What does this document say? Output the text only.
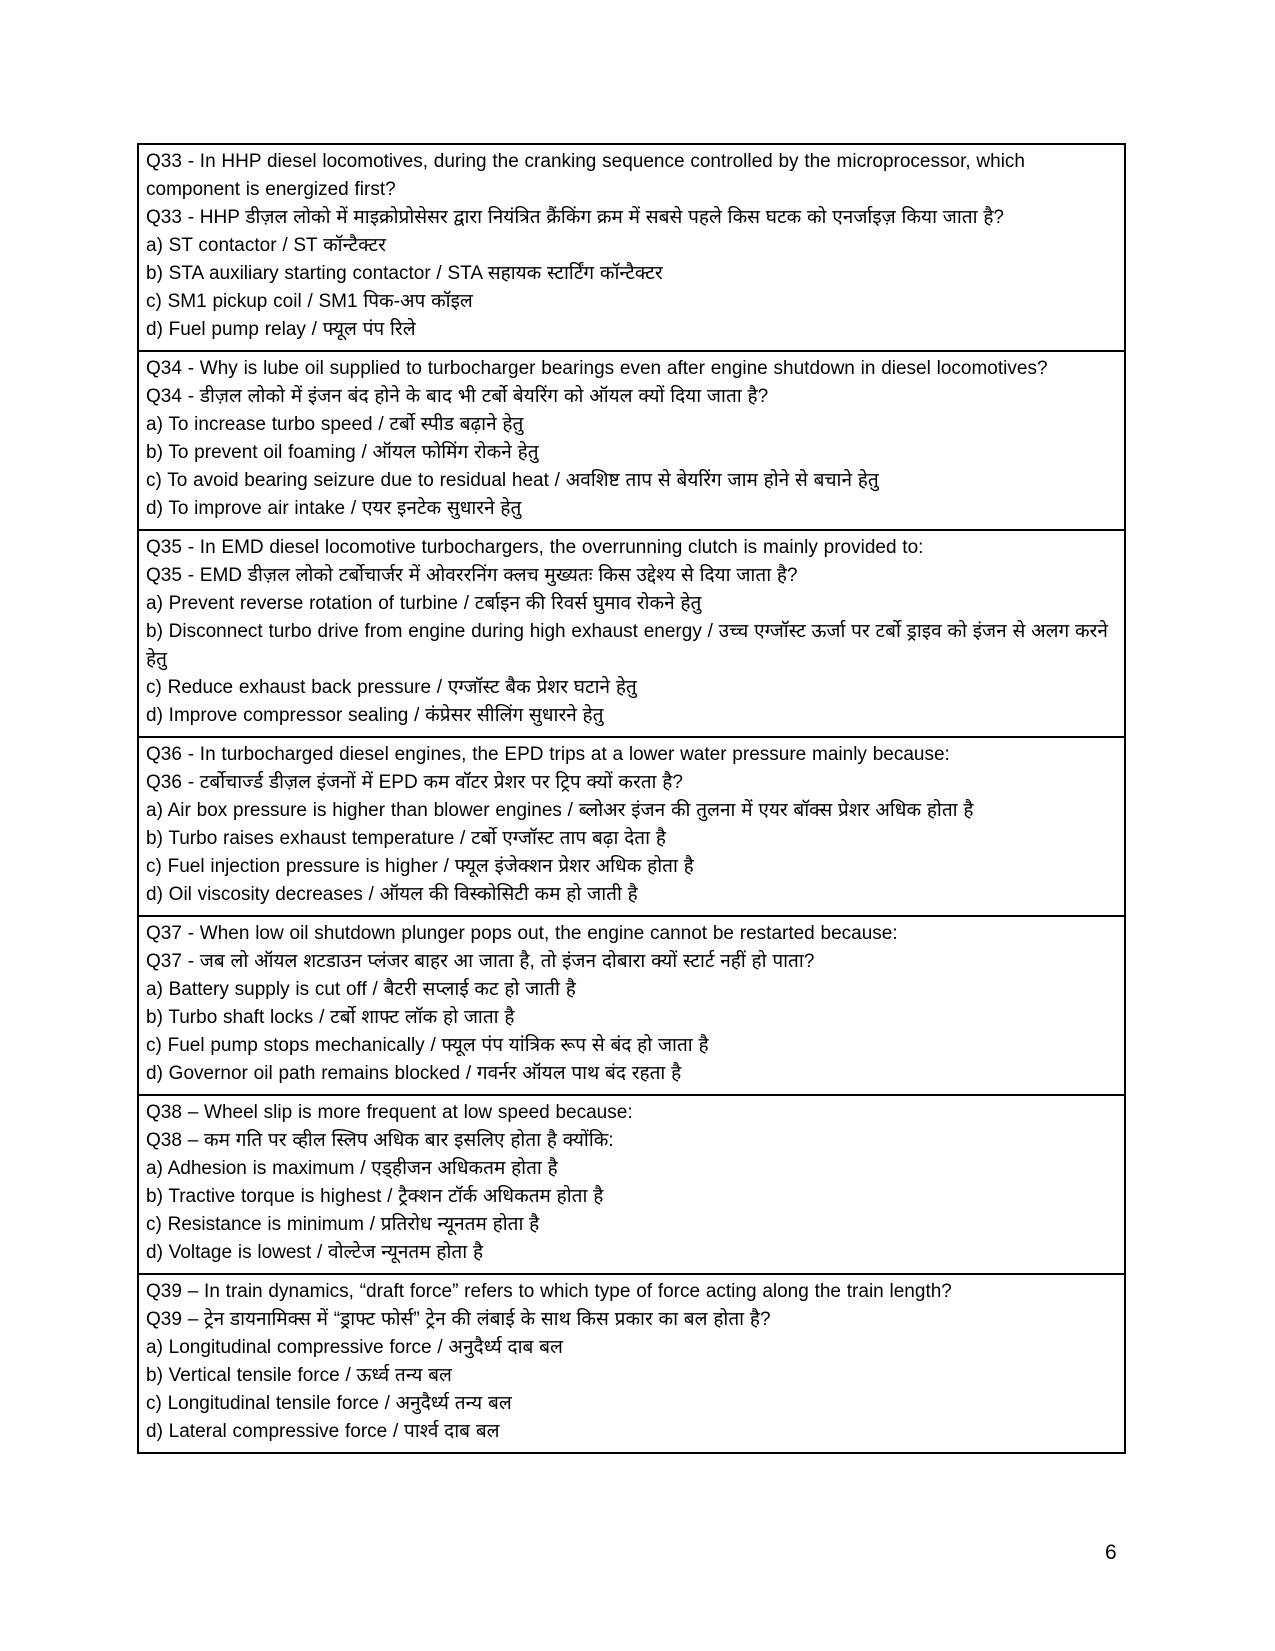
Q33 - In HHP diesel locomotives, during the cranking sequence controlled by the microprocessor, which component is energized first?

Q33 - HHP डीज़ल लोको में माइक्रोप्रोसेसर द्वारा नियंत्रित क्रैंकिंग क्रम में सबसे पहले किस घटक को एनर्जाइज़ किया जाता है?

a) ST contactor / ST कॉन्टैक्टर

b) STA auxiliary starting contactor / STA सहायक स्टार्टिंग कॉन्टैक्टर

c) SM1 pickup coil / SM1 पिक-अप कॉइल

d) Fuel pump relay / फ्यूल पंप रिले

Q34 - Why is lube oil supplied to turbocharger bearings even after engine shutdown in diesel locomotives?

Q34 - डीज़ल लोको में इंजन बंद होने के बाद भी टर्बो बेयरिंग को ऑयल क्यों दिया जाता है?

a) To increase turbo speed / टर्बो स्पीड बढ़ाने हेतु

b) To prevent oil foaming / ऑयल फोमिंग रोकने हेतु

c) To avoid bearing seizure due to residual heat / अवशिष्ट ताप से बेयरिंग जाम होने से बचाने हेतु

d) To improve air intake / एयर इनटेक सुधारने हेतु

Q35 - In EMD diesel locomotive turbochargers, the overrunning clutch is mainly provided to:

Q35 - EMD डीज़ल लोको टर्बोचार्जर में ओवररनिंग क्लच मुख्यतः किस उद्देश्य से दिया जाता है?

a) Prevent reverse rotation of turbine / टर्बाइन की रिवर्स घुमाव रोकने हेतु

b) Disconnect turbo drive from engine during high exhaust energy / उच्च एग्जॉस्ट ऊर्जा पर टर्बो ड्राइव को इंजन से अलग करने हेतु

c) Reduce exhaust back pressure / एग्जॉस्ट बैक प्रेशर घटाने हेतु

d) Improve compressor sealing / कंप्रेसर सीलिंग सुधारने हेतु

Q36 - In turbocharged diesel engines, the EPD trips at a lower water pressure mainly because:

Q36 - टर्बोचार्ज्ड डीज़ल इंजनों में EPD कम वॉटर प्रेशर पर ट्रिप क्यों करता है?

a) Air box pressure is higher than blower engines / ब्लोअर इंजन की तुलना में एयर बॉक्स प्रेशर अधिक होता है

b) Turbo raises exhaust temperature / टर्बो एग्जॉस्ट ताप बढ़ा देता है

c) Fuel injection pressure is higher / फ्यूल इंजेक्शन प्रेशर अधिक होता है

d) Oil viscosity decreases / ऑयल की विस्कोसिटी कम हो जाती है

Q37 - When low oil shutdown plunger pops out, the engine cannot be restarted because:

Q37 - जब लो ऑयल शटडाउन प्लंजर बाहर आ जाता है, तो इंजन दोबारा क्यों स्टार्ट नहीं हो पाता?

a) Battery supply is cut off / बैटरी सप्लाई कट हो जाती है

b) Turbo shaft locks / टर्बो शाफ्ट लॉक हो जाता है

c) Fuel pump stops mechanically / फ्यूल पंप यांत्रिक रूप से बंद हो जाता है

d) Governor oil path remains blocked / गवर्नर ऑयल पाथ बंद रहता है

Q38 – Wheel slip is more frequent at low speed because:

Q38 – कम गति पर व्हील स्लिप अधिक बार इसलिए होता है क्योंकि:

a) Adhesion is maximum / एड्हीजन अधिकतम होता है

b) Tractive torque is highest / ट्रैक्शन टॉर्क अधिकतम होता है

c) Resistance is minimum / प्रतिरोध न्यूनतम होता है

d) Voltage is lowest / वोल्टेज न्यूनतम होता है

Q39 – In train dynamics, “draft force” refers to which type of force acting along the train length?

Q39 – ट्रेन डायनामिक्स में “ड्राफ्ट फोर्स” ट्रेन की लंबाई के साथ किस प्रकार का बल होता है?

a) Longitudinal compressive force / अनुदैर्ध्य दाब बल

b) Vertical tensile force / ऊर्ध्व तन्य बल

c) Longitudinal tensile force / अनुदैर्ध्य तन्य बल

d) Lateral compressive force / पार्श्व दाब बल

6
